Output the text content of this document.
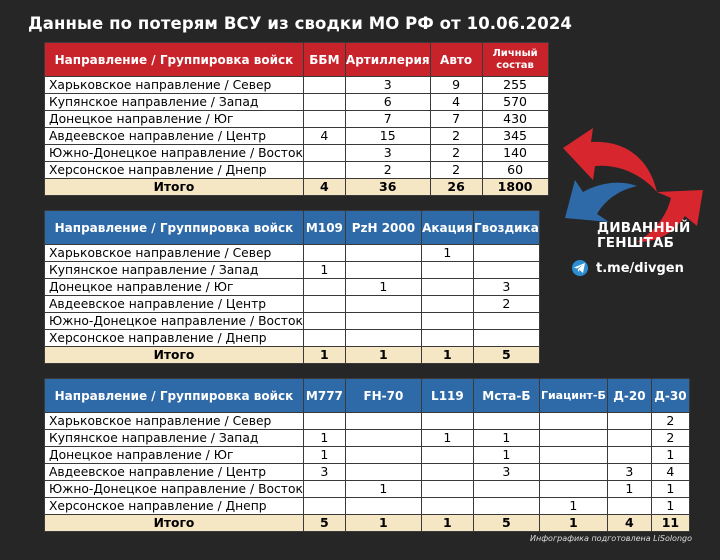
Данные по потерям ВСУ из сводки МО РФ от 10.06.2024
Направление / Группировка войск	ББМ	Артиллерия	Авто	Личный состав
Харьковское направление / Север		3	9	255
Купянское направление / Запад		6	4	570
Донецкое направление / Юг		7	7	430
Авдеевское направление / Центр	4	15	2	345
Южно-Донецкое направление / Восток		3	2	140
Херсонское направление / Днепр		2	2	60
Итого	4	36	26	1800
Направление / Группировка войск	M109	PzH 2000	Акация	Гвоздика
Харьковское направление / Север			1	
Купянское направление / Запад	1			
Донецкое направление / Юг		1		3
Авдеевское направление / Центр				2
Южно-Донецкое направление / Восток				
Херсонское направление / Днепр				
Итого	1	1	1	5
Направление / Группировка войск	M777	FH-70	L119	Мста-Б	Гиацинт-Б	Д-20	Д-30
Харьковское направление / Север							2
Купянское направление / Запад	1		1	1			2
Донецкое направление / Юг	1			1			1
Авдеевское направление / Центр	3			3		3	4
Южно-Донецкое направление / Восток		1				1	1
Херсонское направление / Днепр					1		1
Итого	5	1	1	5	1	4	11
ДИВАННЫЙ
ГЕНШТАБ
t.me/divgen
Инфографика подготовлена LiSolongo
